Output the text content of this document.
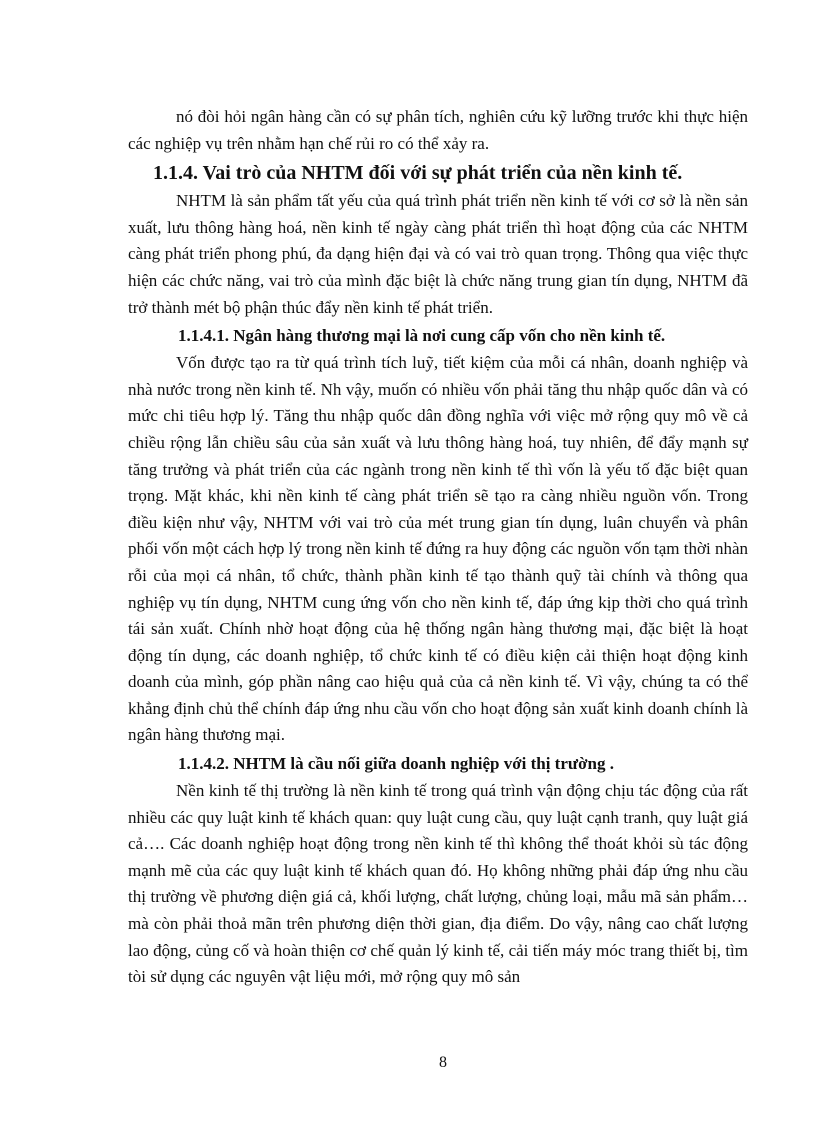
nó đòi hỏi ngân hàng cần có sự phân tích, nghiên cứu kỹ lưỡng trước khi thực hiện các nghiệp vụ trên nhằm hạn chế rủi ro có thể xảy ra.

1.1.4. Vai trò của NHTM đối với sự phát triển của nền kinh tế.

NHTM là sản phẩm tất yếu của quá trình phát triển nền kinh tế với cơ sở là nền sản xuất, lưu thông hàng hoá, nền kinh tế ngày càng phát triển thì hoạt động của các NHTM càng phát triển phong phú, đa dạng hiện đại và có vai trò quan trọng. Thông qua việc thực hiện các chức năng, vai trò của mình đặc biệt là chức năng trung gian tín dụng, NHTM đã trở thành mét bộ phận thúc đẩy nền kinh tế phát triển.

1.1.4.1. Ngân hàng thương mại là nơi cung cấp vốn cho nền kinh tế.

Vốn được tạo ra từ quá trình tích luỹ, tiết kiệm của mỗi cá nhân, doanh nghiệp và nhà nước trong nền kinh tế. Nh vậy, muốn có nhiều vốn phải tăng thu nhập quốc dân và có mức chi tiêu hợp lý. Tăng thu nhập quốc dân đồng nghĩa với việc mở rộng quy mô về cả chiều rộng lẫn chiều sâu của sản xuất và lưu thông hàng hoá, tuy nhiên, để đẩy mạnh sự tăng trưởng và phát triển của các ngành trong nền kinh tế thì vốn là yếu tố đặc biệt quan trọng. Mặt khác, khi nền kinh tế càng phát triển sẽ tạo ra càng nhiều nguồn vốn. Trong điều kiện như vậy, NHTM với vai trò của mét trung gian tín dụng, luân chuyển và phân phối vốn một cách hợp lý trong nền kinh tế đứng ra huy động các nguồn vốn tạm thời nhàn rỗi của mọi cá nhân, tổ chức, thành phần kinh tế tạo thành quỹ tài chính và thông qua nghiệp vụ tín dụng, NHTM cung ứng vốn cho nền kinh tế, đáp ứng kịp thời cho quá trình tái sản xuất. Chính nhờ hoạt động của hệ thống ngân hàng thương mại, đặc biệt là hoạt động tín dụng, các doanh nghiệp, tổ chức kinh tế có điều kiện cải thiện hoạt động kinh doanh của mình, góp phần nâng cao hiệu quả của cả nền kinh tế. Vì vậy, chúng ta có thể khẳng định chủ thể chính đáp ứng nhu cầu vốn cho hoạt động sản xuất kinh doanh chính là ngân hàng thương mại.

1.1.4.2. NHTM là cầu nối giữa doanh nghiệp với thị trường .

Nền kinh tế thị trường là nền kinh tế trong quá trình vận động chịu tác động của rất nhiều các quy luật kinh tế khách quan: quy luật cung cầu, quy luật cạnh tranh, quy luật giá cả…. Các doanh nghiệp hoạt động trong nền kinh tế thì không thể thoát khỏi sù tác động mạnh mẽ của các quy luật kinh tế khách quan đó. Họ không những phải đáp ứng nhu cầu thị trường về phương diện giá cả, khối lượng, chất lượng, chủng loại, mẫu mã sản phẩm… mà còn phải thoả mãn trên phương diện thời gian, địa điểm. Do vậy, nâng cao chất lượng lao động, củng cố và hoàn thiện cơ chế quản lý kinh tế, cải tiến máy móc trang thiết bị, tìm tòi sử dụng các nguyên vật liệu mới, mở rộng quy mô sản

8
